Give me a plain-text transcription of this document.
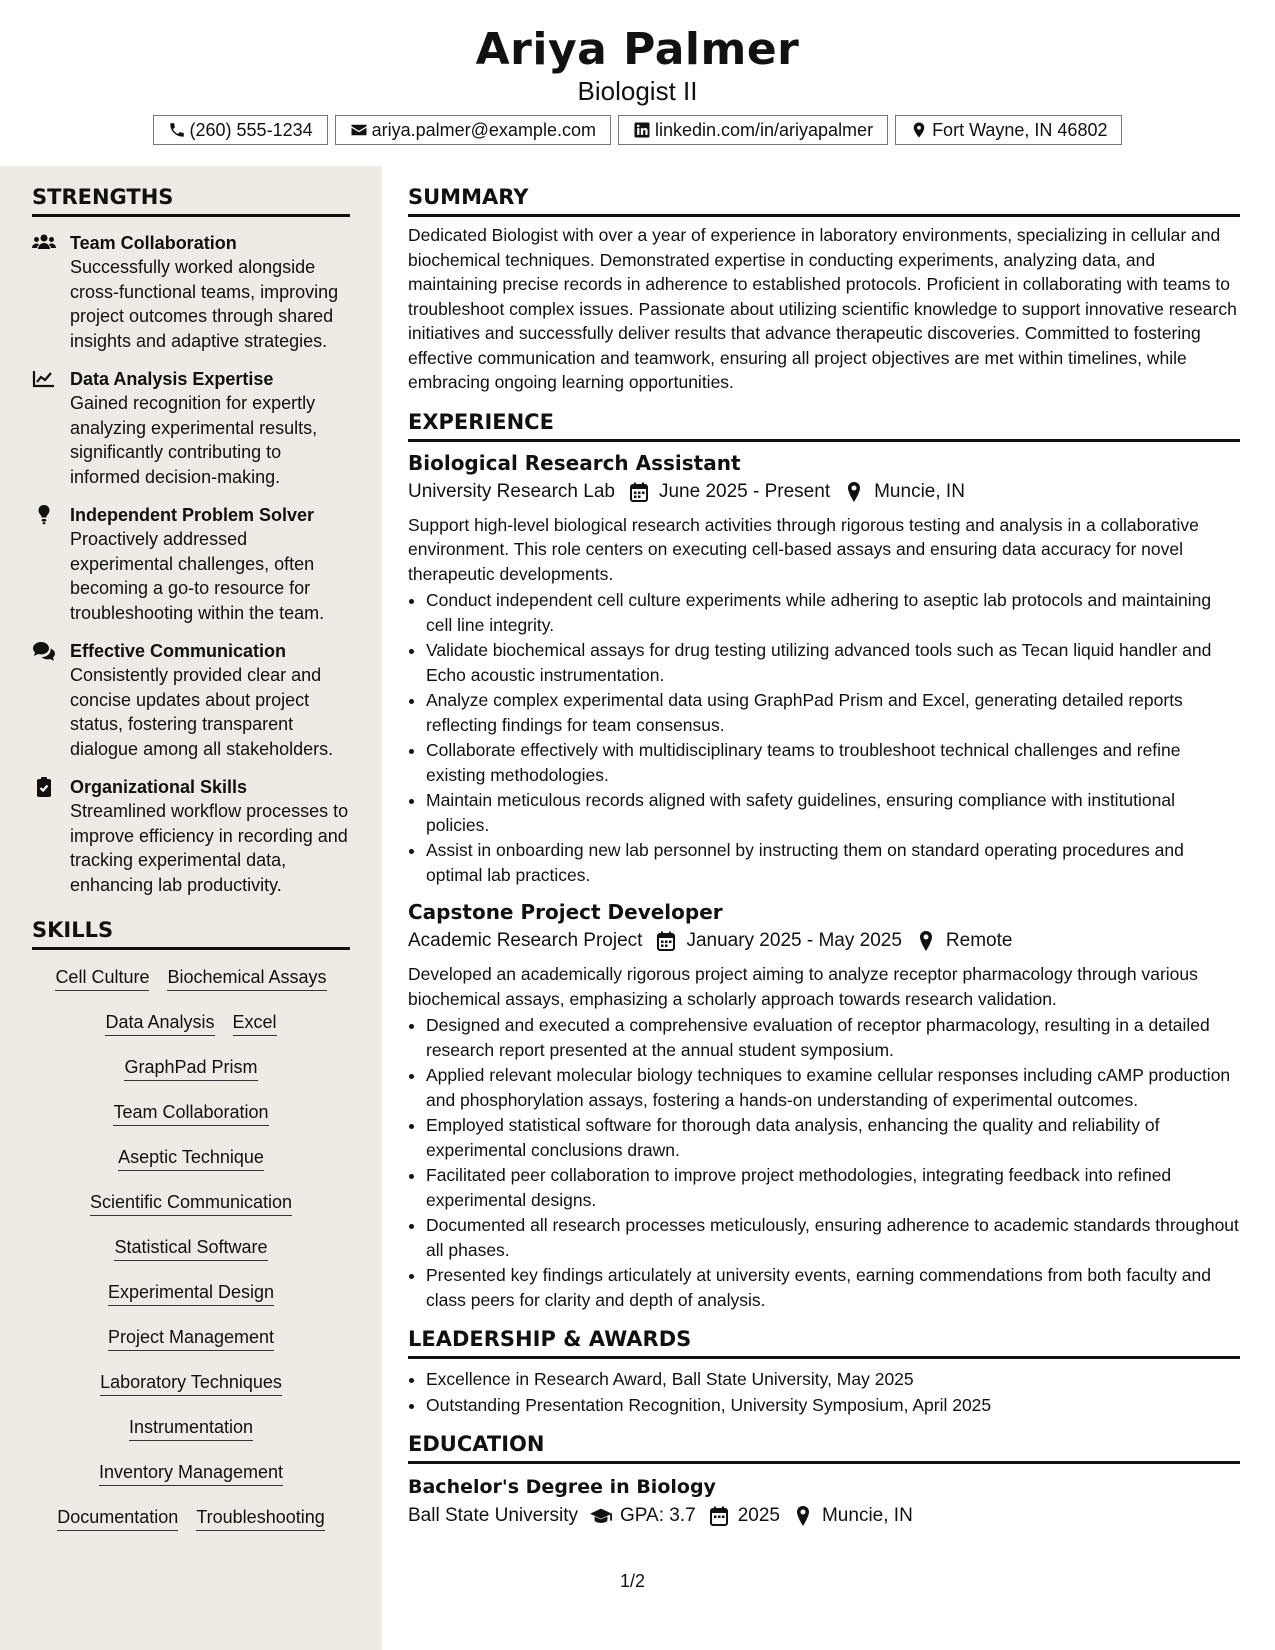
Ariya Palmer
Biologist II
(260) 555-1234	ariya.palmer@example.com	linkedin.com/in/ariyapalmer	Fort Wayne, IN 46802
STRENGTHS
Team Collaboration
Successfully worked alongside cross-functional teams, improving project outcomes through shared insights and adaptive strategies.
Data Analysis Expertise
Gained recognition for expertly analyzing experimental results, significantly contributing to informed decision-making.
Independent Problem Solver
Proactively addressed experimental challenges, often becoming a go-to resource for troubleshooting within the team.
Effective Communication
Consistently provided clear and concise updates about project status, fostering transparent dialogue among all stakeholders.
Organizational Skills
Streamlined workflow processes to improve efficiency in recording and tracking experimental data, enhancing lab productivity.
SKILLS
Cell Culture Biochemical Assays
Data Analysis Excel
GraphPad Prism
Team Collaboration
Aseptic Technique
Scientific Communication
Statistical Software
Experimental Design
Project Management
Laboratory Techniques
Instrumentation
Inventory Management
Documentation Troubleshooting
SUMMARY
Dedicated Biologist with over a year of experience in laboratory environments, specializing in cellular and biochemical techniques. Demonstrated expertise in conducting experiments, analyzing data, and maintaining precise records in adherence to established protocols. Proficient in collaborating with teams to troubleshoot complex issues. Passionate about utilizing scientific knowledge to support innovative research initiatives and successfully deliver results that advance therapeutic discoveries. Committed to fostering effective communication and teamwork, ensuring all project objectives are met within timelines, while embracing ongoing learning opportunities.
EXPERIENCE
Biological Research Assistant
University Research Lab June 2025 - Present Muncie, IN
Support high-level biological research activities through rigorous testing and analysis in a collaborative environment. This role centers on executing cell-based assays and ensuring data accuracy for novel therapeutic developments.
• Conduct independent cell culture experiments while adhering to aseptic lab protocols and maintaining cell line integrity.
• Validate biochemical assays for drug testing utilizing advanced tools such as Tecan liquid handler and Echo acoustic instrumentation.
• Analyze complex experimental data using GraphPad Prism and Excel, generating detailed reports reflecting findings for team consensus.
• Collaborate effectively with multidisciplinary teams to troubleshoot technical challenges and refine existing methodologies.
• Maintain meticulous records aligned with safety guidelines, ensuring compliance with institutional policies.
• Assist in onboarding new lab personnel by instructing them on standard operating procedures and optimal lab practices.
Capstone Project Developer
Academic Research Project January 2025 - May 2025 Remote
Developed an academically rigorous project aiming to analyze receptor pharmacology through various biochemical assays, emphasizing a scholarly approach towards research validation.
• Designed and executed a comprehensive evaluation of receptor pharmacology, resulting in a detailed research report presented at the annual student symposium.
• Applied relevant molecular biology techniques to examine cellular responses including cAMP production and phosphorylation assays, fostering a hands-on understanding of experimental outcomes.
• Employed statistical software for thorough data analysis, enhancing the quality and reliability of experimental conclusions drawn.
• Facilitated peer collaboration to improve project methodologies, integrating feedback into refined experimental designs.
• Documented all research processes meticulously, ensuring adherence to academic standards throughout all phases.
• Presented key findings articulately at university events, earning commendations from both faculty and class peers for clarity and depth of analysis.
LEADERSHIP & AWARDS
• Excellence in Research Award, Ball State University, May 2025
• Outstanding Presentation Recognition, University Symposium, April 2025
EDUCATION
Bachelor's Degree in Biology
Ball State University GPA: 3.7 2025 Muncie, IN
1/2
